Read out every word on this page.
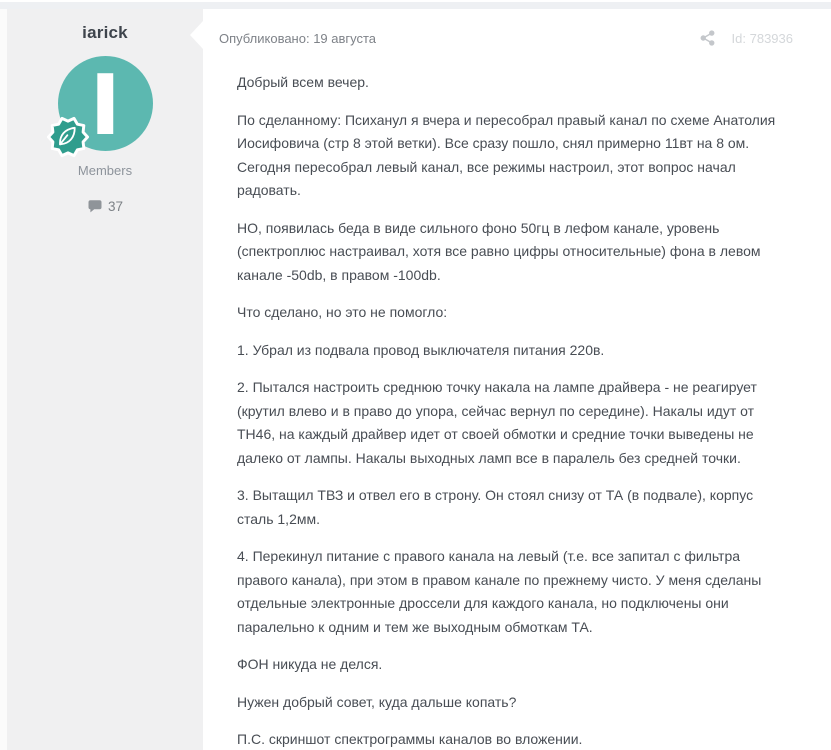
iarick
I
Members
37
Опубликовано: 19 августа	Id: 783936

Добрый всем вечер.

По сделанному: Психанул я вчера и пересобрал правый канал по схеме Анатолия Иосифовича (стр 8 этой ветки). Все сразу пошло, снял примерно 11вт на 8 ом. Сегодня пересобрал левый канал, все режимы настроил, этот вопрос начал радовать.

НО, появилась беда в виде сильного фоно 50гц в лефом канале, уровень (спектроплюс настраивал, хотя все равно цифры относительные) фона в левом канале -50db, в правом -100db.

Что сделано, но это не помогло:

1. Убрал из подвала провод выключателя питания 220в.

2. Пытался настроить среднюю точку накала на лампе драйвера - не реагирует (крутил влево и в право до упора, сейчас вернул по середине). Накалы идут от ТН46, на каждый драйвер идет от своей обмотки и средние точки выведены не далеко от лампы. Накалы выходных ламп все в паралель без средней точки.

3. Вытащил ТВЗ и отвел его в строну. Он стоял снизу от ТА (в подвале), корпус сталь 1,2мм.

4. Перекинул питание с правого канала на левый (т.е. все запитал с фильтра правого канала), при этом в правом канале по прежнему чисто. У меня сделаны отдельные электронные дроссели для каждого канала, но подключены они паралельно к одним и тем же выходным обмоткам ТА.

ФОН никуда не делся.

Нужен добрый совет, куда дальше копать?

П.С. скриншот спектрограммы каналов во вложении.
